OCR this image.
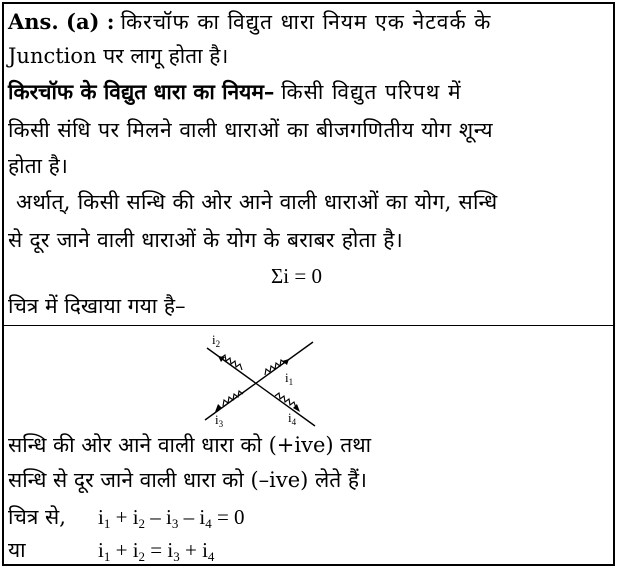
Ans. (a) : किरचॉफ का विद्युत धारा नियम एक नेटवर्क के
Junction पर लागू होता है।
किरचॉफ के विद्युत धारा का नियम– किसी विद्युत परिपथ में
किसी संधि पर मिलने वाली धाराओं का बीजगणितीय योग शून्य
होता है।
अर्थात्, किसी सन्धि की ओर आने वाली धाराओं का योग, सन्धि
से दूर जाने वाली धाराओं के योग के बराबर होता है।
Σi = 0
चित्र में दिखाया गया है–
$i_2$
$i_1$
$i_3$	$i_4$
सन्धि की ओर आने वाली धारा को (+ive) तथा
सन्धि से दूर जाने वाली धारा को (–ive) लेते हैं।
चित्र से, $i_1 + i_2 - i_3 - i_4 = 0$
या	$i_1 + i_2 = i_3 + i_4$
